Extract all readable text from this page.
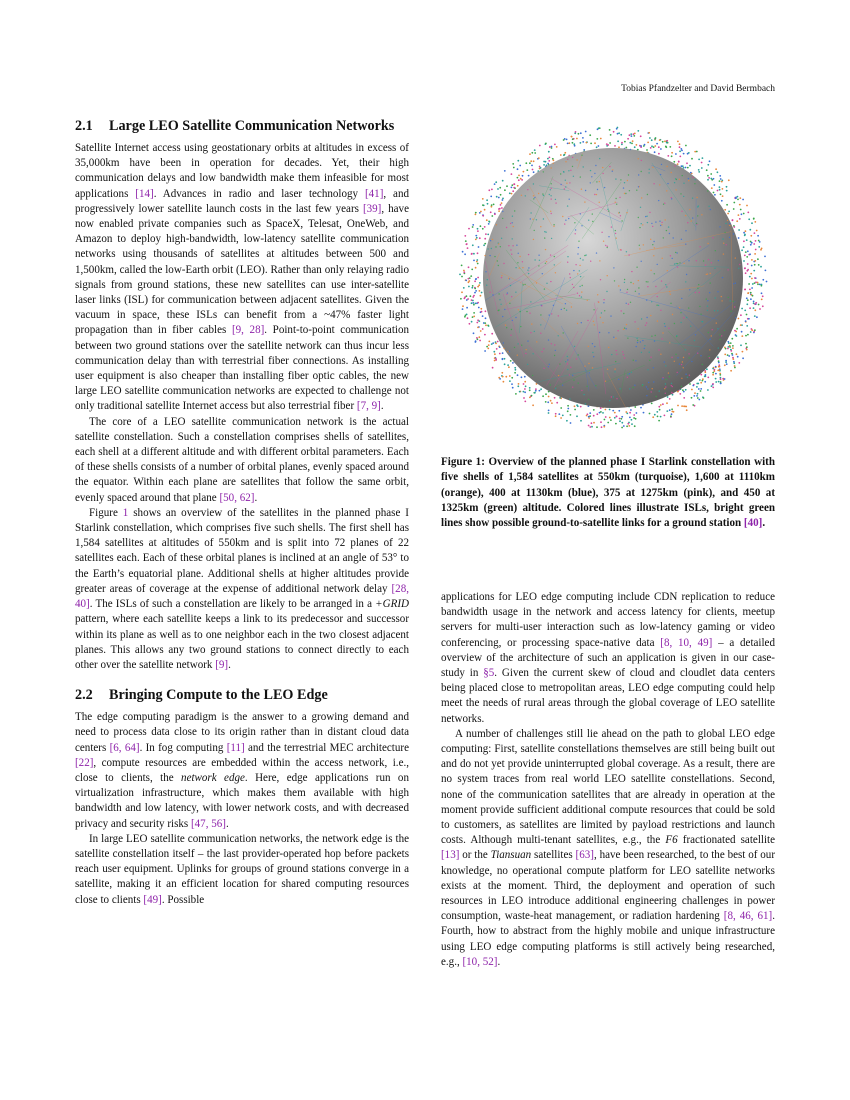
Tobias Pfandzelter and David Bermbach
2.1	Large LEO Satellite Communication Networks

Satellite Internet access using geostationary orbits at altitudes in excess of 35,000km have been in operation for decades. Yet, their high communication delays and low bandwidth make them infeasible for most applications [14]. Advances in radio and laser technology [41], and progressively lower satellite launch costs in the last few years [39], have now enabled private companies such as SpaceX, Telesat, OneWeb, and Amazon to deploy high-bandwidth, low-latency satellite communication networks using thousands of satellites at altitudes between 500 and 1,500km, called the low-Earth orbit (LEO). Rather than only relaying radio signals from ground stations, these new satellites can use inter-satellite laser links (ISL) for communication between adjacent satellites. Given the vacuum in space, these ISLs can benefit from a ~47% faster light propagation than in fiber cables [9, 28]. Point-to-point communication between two ground stations over the satellite network can thus incur less communication delay than with terrestrial fiber connections. As installing user equipment is also cheaper than installing fiber optic cables, the new large LEO satellite communication networks are expected to challenge not only traditional satellite Internet access but also terrestrial fiber [7, 9].

The core of a LEO satellite communication network is the actual satellite constellation. Such a constellation comprises shells of satellites, each shell at a different altitude and with different orbital parameters. Each of these shells consists of a number of orbital planes, evenly spaced around the equator. Within each plane are satellites that follow the same orbit, evenly spaced around that plane [50, 62].

Figure 1 shows an overview of the satellites in the planned phase I Starlink constellation, which comprises five such shells. The first shell has 1,584 satellites at altitudes of 550km and is split into 72 planes of 22 satellites each. Each of these orbital planes is inclined at an angle of 53° to the Earth’s equatorial plane. Additional shells at higher altitudes provide greater areas of coverage at the expense of additional network delay [28, 40]. The ISLs of such a constellation are likely to be arranged in a +GRID pattern, where each satellite keeps a link to its predecessor and successor within its plane as well as to one neighbor each in the two closest adjacent planes. This allows any two ground stations to connect directly to each other over the satellite network [9].

2.2	Bringing Compute to the LEO Edge

The edge computing paradigm is the answer to a growing demand and need to process data close to its origin rather than in distant cloud data centers [6, 64]. In fog computing [11] and the terrestrial MEC architecture [22], compute resources are embedded within the access network, i.e., close to clients, the network edge. Here, edge applications run on virtualization infrastructure, which makes them available with high bandwidth and low latency, with lower network costs, and with decreased privacy and security risks [47, 56].

In large LEO satellite communication networks, the network edge is the satellite constellation itself – the last provider-operated hop before packets reach user equipment. Uplinks for groups of ground stations converge in a satellite, making it an efficient location for shared computing resources close to clients [49]. Possible

Figure 1: Overview of the planned phase I Starlink constellation with five shells of 1,584 satellites at 550km (turquoise), 1,600 at 1110km (orange), 400 at 1130km (blue), 375 at 1275km (pink), and 450 at 1325km (green) altitude. Colored lines illustrate ISLs, bright green lines show possible ground-to-satellite links for a ground station [40].

applications for LEO edge computing include CDN replication to reduce bandwidth usage in the network and access latency for clients, meetup servers for multi-user interaction such as low-latency gaming or video conferencing, or processing space-native data [8, 10, 49] – a detailed overview of the architecture of such an application is given in our case-study in §5. Given the current skew of cloud and cloudlet data centers being placed close to metropolitan areas, LEO edge computing could help meet the needs of rural areas through the global coverage of LEO satellite networks.

A number of challenges still lie ahead on the path to global LEO edge computing: First, satellite constellations themselves are still being built out and do not yet provide uninterrupted global coverage. As a result, there are no system traces from real world LEO satellite constellations. Second, none of the communication satellites that are already in operation at the moment provide sufficient additional compute resources that could be sold to customers, as satellites are limited by payload restrictions and launch costs. Although multi-tenant satellites, e.g., the F6 fractionated satellite [13] or the Tiansuan satellites [63], have been researched, to the best of our knowledge, no operational compute platform for LEO satellite networks exists at the moment. Third, the deployment and operation of such resources in LEO introduce additional engineering challenges in power consumption, waste-heat management, or radiation hardening [8, 46, 61]. Fourth, how to abstract from the highly mobile and unique infrastructure using LEO edge computing platforms is still actively being researched, e.g., [10, 52].
